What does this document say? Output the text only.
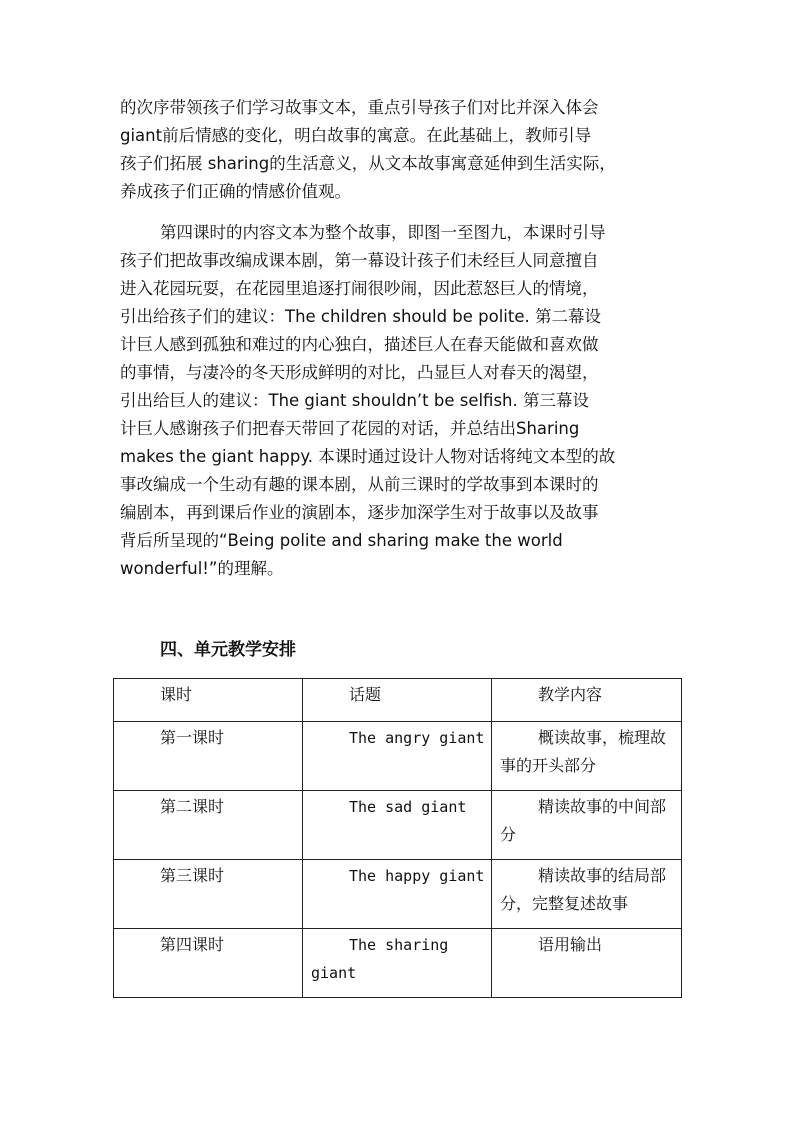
的次序带领孩子们学习故事文本，重点引导孩子们对比并深入体会
giant前后情感的变化，明白故事的寓意。在此基础上，教师引导
孩子们拓展 sharing的生活意义，从文本故事寓意延伸到生活实际，
养成孩子们正确的情感价值观。
第四课时的内容文本为整个故事，即图一至图九，本课时引导
孩子们把故事改编成课本剧，第一幕设计孩子们未经巨人同意擅自
进入花园玩耍，在花园里追逐打闹很吵闹，因此惹怒巨人的情境，
引出给孩子们的建议：The children should be polite. 第二幕设
计巨人感到孤独和难过的内心独白，描述巨人在春天能做和喜欢做
的事情，与凄冷的冬天形成鲜明的对比，凸显巨人对春天的渴望，
引出给巨人的建议：The giant shouldn’t be selfish. 第三幕设
计巨人感谢孩子们把春天带回了花园的对话，并总结出Sharing
makes the giant happy. 本课时通过设计人物对话将纯文本型的故
事改编成一个生动有趣的课本剧，从前三课时的学故事到本课时的
编剧本，再到课后作业的演剧本，逐步加深学生对于故事以及故事
背后所呈现的“Being polite and sharing make the world
wonderful!”的理解。
四、单元教学安排
课时	话题	教学内容

第一课时	The angry giant	概读故事，梳理故事的开头部分

第二课时	The sad giant	精读故事的中间部分

第三课时	The happy giant	精读故事的结局部分，完整复述故事

第四课时	The sharing giant	语用输出
